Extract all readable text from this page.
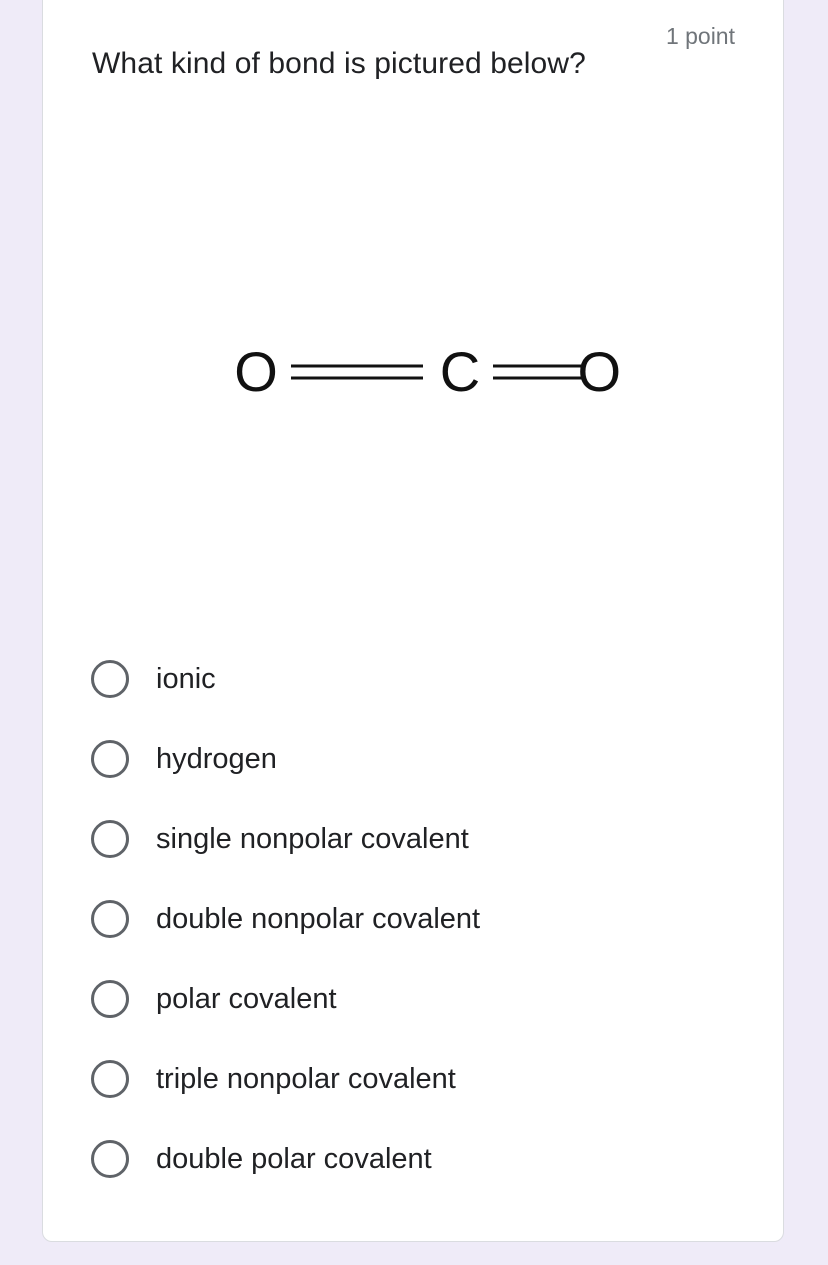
1 point
What kind of bond is pictured below?
O	C O
ionic
hydrogen
single nonpolar covalent
double nonpolar covalent
polar covalent
triple nonpolar covalent
double polar covalent
